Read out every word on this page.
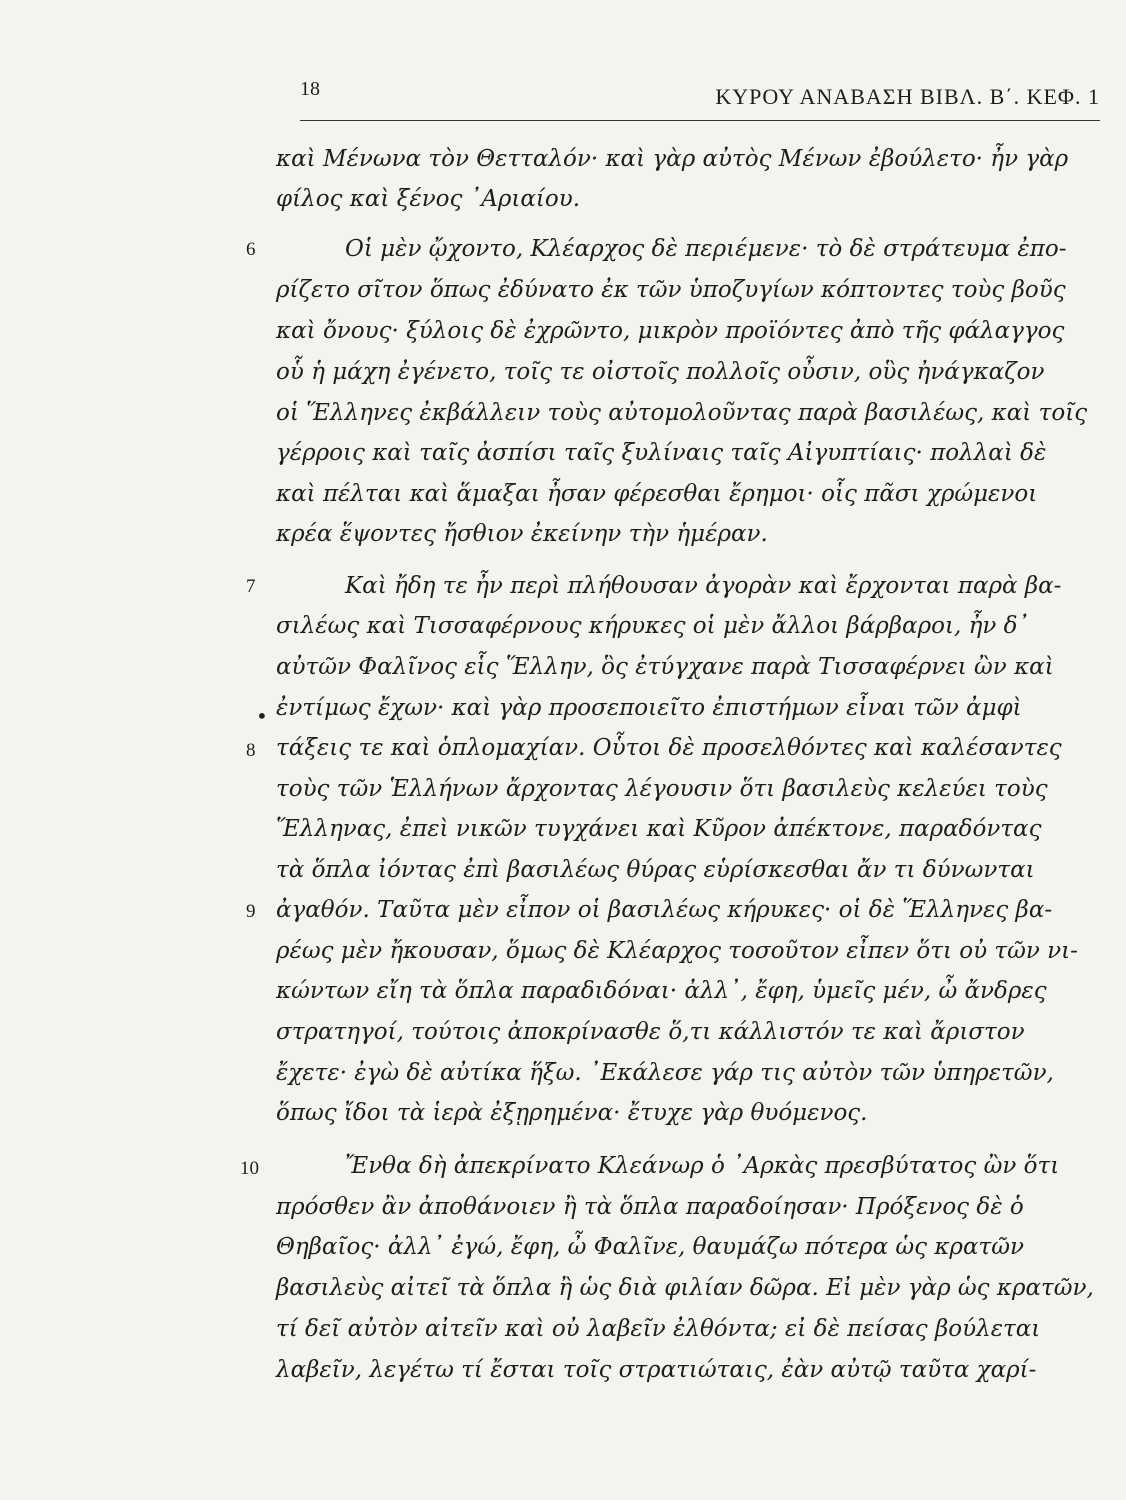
18	ΚΥΡΟΥ ΑΝΑΒΑΣΗ ΒΙΒΛ. Β΄. ΚΕΦ. 1
καὶ Μένωνα τὸν Θετταλόν· καὶ γὰρ αὐτὸς Μένων ἐβούλετο· ἦν γὰρ
φίλος καὶ ξένος ᾿Αριαίου.
6	Οἱ μὲν ᾤχοντο, Κλέαρχος δὲ περιέμενε· τὸ δὲ στράτευμα ἐπο-
ρίζετο σῖτον ὅπως ἐδύνατο ἐκ τῶν ὑποζυγίων κόπτοντες τοὺς βοῦς
καὶ ὄνους· ξύλοις δὲ ἐχρῶντο, μικρὸν προϊόντες ἀπὸ τῆς φάλαγγος
οὗ ἡ μάχη ἐγένετο, τοῖς τε οἰστοῖς πολλοῖς οὖσιν, οὓς ἠνάγκαζον
οἱ Ἕλληνες ἐκβάλλειν τοὺς αὐτομολοῦντας παρὰ βασιλέως, καὶ τοῖς
γέρροις καὶ ταῖς ἀσπίσι ταῖς ξυλίναις ταῖς Αἰγυπτίαις· πολλαὶ δὲ
καὶ πέλται καὶ ἅμαξαι ἦσαν φέρεσθαι ἔρημοι· οἷς πᾶσι χρώμενοι
κρέα ἕψοντες ἤσθιον ἐκείνην τὴν ἡμέραν.
7	Καὶ ἤδη τε ἦν περὶ πλήθουσαν ἀγορὰν καὶ ἔρχονται παρὰ βα-
σιλέως καὶ Τισσαφέρνους κήρυκες οἱ μὲν ἄλλοι βάρβαροι, ἦν δ᾿
αὐτῶν Φαλῖνος εἷς Ἕλλην, ὃς ἐτύγχανε παρὰ Τισσαφέρνει ὢν καὶ
• ἐντίμως ἔχων· καὶ γὰρ προσεποιεῖτο ἐπιστήμων εἶναι τῶν ἀμφὶ
8 τάξεις τε καὶ ὁπλομαχίαν. Οὗτοι δὲ προσελθόντες καὶ καλέσαντες
τοὺς τῶν Ἑλλήνων ἄρχοντας λέγουσιν ὅτι βασιλεὺς κελεύει τοὺς
Ἕλληνας, ἐπεὶ νικῶν τυγχάνει καὶ Κῦρον ἀπέκτονε, παραδόντας
τὰ ὅπλα ἰόντας ἐπὶ βασιλέως θύρας εὑρίσκεσθαι ἄν τι δύνωνται
9 ἀγαθόν. Ταῦτα μὲν εἶπον οἱ βασιλέως κήρυκες· οἱ δὲ Ἕλληνες βα-
ρέως μὲν ἤκουσαν, ὅμως δὲ Κλέαρχος τοσοῦτον εἶπεν ὅτι οὐ τῶν νι-
κώντων εἴη τὰ ὅπλα παραδιδόναι· ἀλλ᾿, ἔφη, ὑμεῖς μέν, ὦ ἄνδρες
στρατηγοί, τούτοις ἀποκρίνασθε ὅ,τι κάλλιστόν τε καὶ ἄριστον
ἔχετε· ἐγὼ δὲ αὐτίκα ἥξω. ᾿Εκάλεσε γάρ τις αὐτὸν τῶν ὑπηρετῶν,
ὅπως ἴδοι τὰ ἱερὰ ἐξῃρημένα· ἔτυχε γὰρ θυόμενος.
10	Ἔνθα δὴ ἀπεκρίνατο Κλεάνωρ ὁ ᾿Αρκὰς πρεσβύτατος ὢν ὅτι
πρόσθεν ἂν ἀποθάνοιεν ἢ τὰ ὅπλα παραδοίησαν· Πρόξενος δὲ ὁ
Θηβαῖος· ἀλλ᾿ ἐγώ, ἔφη, ὦ Φαλῖνε, θαυμάζω πότερα ὡς κρατῶν
βασιλεὺς αἰτεῖ τὰ ὅπλα ἢ ὡς διὰ φιλίαν δῶρα. Εἰ μὲν γὰρ ὡς κρατῶν,
τί δεῖ αὐτὸν αἰτεῖν καὶ οὐ λαβεῖν ἐλθόντα; εἰ δὲ πείσας βούλεται
λαβεῖν, λεγέτω τί ἔσται τοῖς στρατιώταις, ἐὰν αὐτῷ ταῦτα χαρί-
